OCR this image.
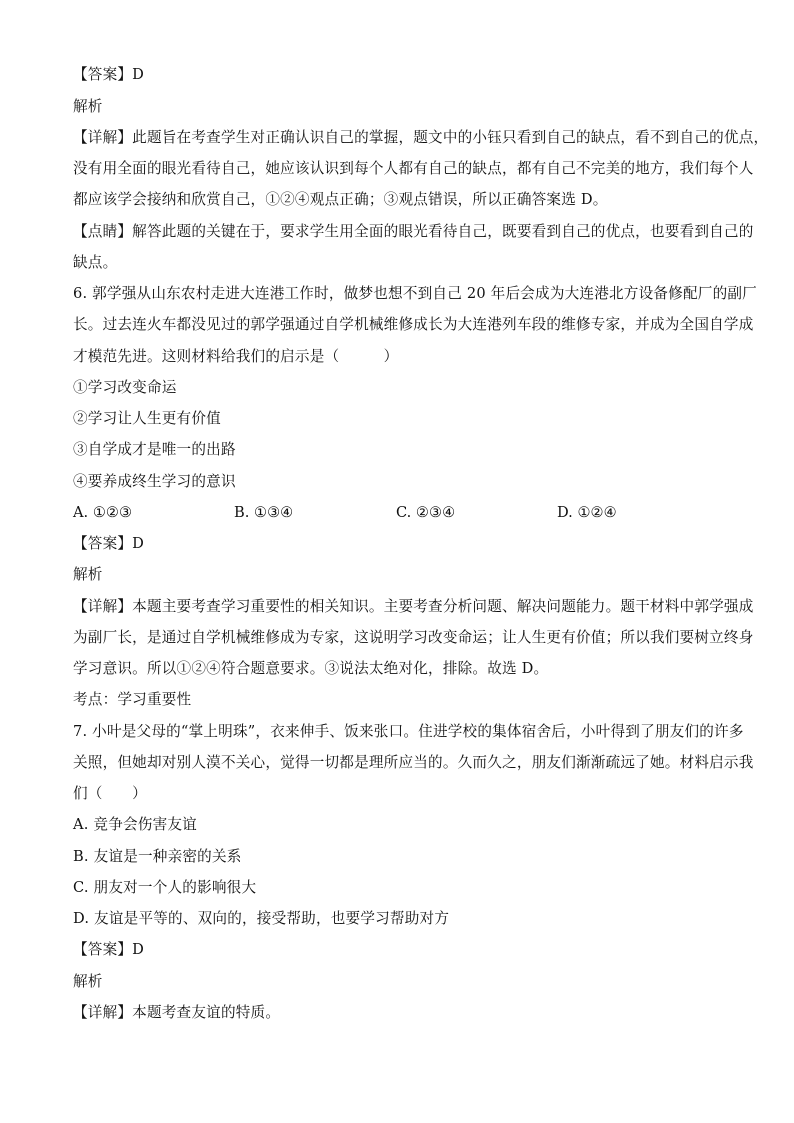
【答案】D
解析
【详解】此题旨在考查学生对正确认识自己的掌握，题文中的小钰只看到自己的缺点，看不到自己的优点，
没有用全面的眼光看待自己，她应该认识到每个人都有自己的缺点，都有自己不完美的地方，我们每个人
都应该学会接纳和欣赏自己，①②④观点正确；③观点错误，所以正确答案选 D。
【点睛】解答此题的关键在于，要求学生用全面的眼光看待自己，既要看到自己的优点，也要看到自己的
缺点。
6. 郭学强从山东农村走进大连港工作时，做梦也想不到自己 20 年后会成为大连港北方设备修配厂的副厂
长。过去连火车都没见过的郭学强通过自学机械维修成长为大连港列车段的维修专家，并成为全国自学成
才模范先进。这则材料给我们的启示是（　　　）
①学习改变命运
②学习让人生更有价值
③自学成才是唯一的出路
④要养成终生学习的意识
A. ①②③	B. ①③④	C. ②③④	D. ①②④
【答案】D
解析
【详解】本题主要考查学习重要性的相关知识。主要考查分析问题、解决问题能力。题干材料中郭学强成
为副厂长，是通过自学机械维修成为专家，这说明学习改变命运；让人生更有价值；所以我们要树立终身
学习意识。所以①②④符合题意要求。③说法太绝对化，排除。故选 D。
考点：学习重要性
7. 小叶是父母的“掌上明珠”，衣来伸手、饭来张口。住进学校的集体宿舍后，小叶得到了朋友们的许多
关照，但她却对别人漠不关心，觉得一切都是理所应当的。久而久之，朋友们渐渐疏远了她。材料启示我
们（　　）
A. 竞争会伤害友谊
B. 友谊是一种亲密的关系
C. 朋友对一个人的影响很大
D. 友谊是平等的、双向的，接受帮助，也要学习帮助对方
【答案】D
解析
【详解】本题考查友谊的特质。
